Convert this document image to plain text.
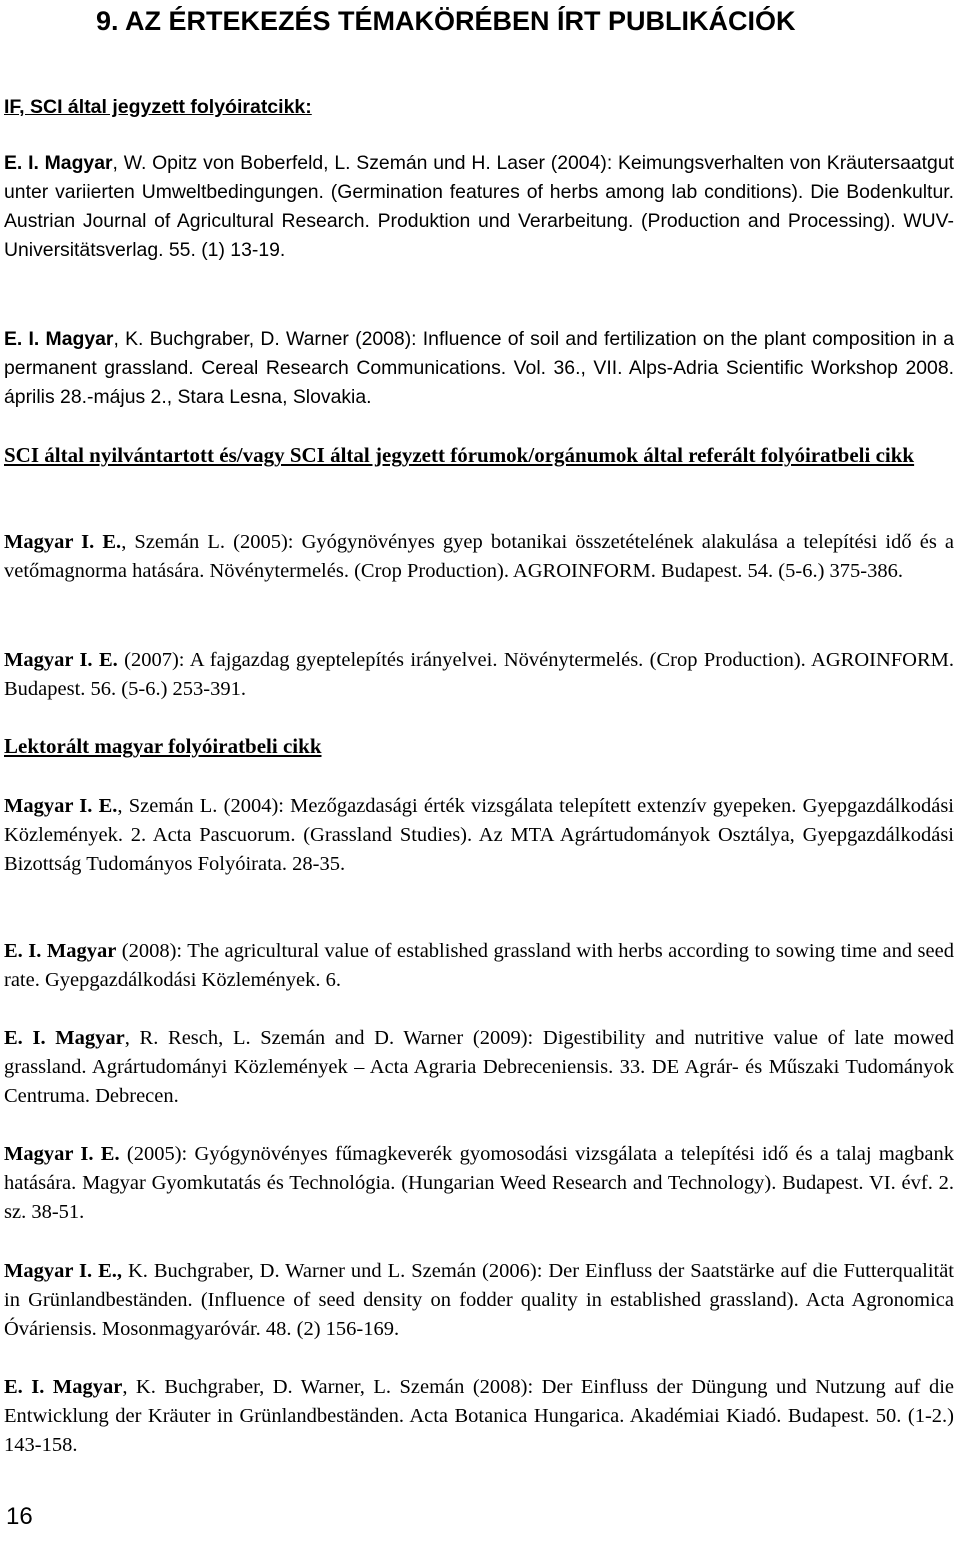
9. AZ ÉRTEKEZÉS TÉMAKÖRÉBEN ÍRT PUBLIKÁCIÓK
IF, SCI által jegyzett folyóiratcikk:

E. I. Magyar, W. Opitz von Boberfeld, L. Szemán und H. Laser (2004): Keimungsverhalten von Kräutersaatgut unter variierten Umweltbedingungen. (Germination features of herbs among lab conditions). Die Bodenkultur. Austrian Journal of Agricultural Research. Produktion und Verarbeitung. (Production and Processing). WUV-Universitätsverlag. 55. (1) 13-19.

E. I. Magyar, K. Buchgraber, D. Warner (2008): Influence of soil and fertilization on the plant composition in a permanent grassland. Cereal Research Communications. Vol. 36., VII. Alps-Adria Scientific Workshop 2008. április 28.-május 2., Stara Lesna, Slovakia.

SCI által nyilvántartott és/vagy SCI által jegyzett fórumok/orgánumok által referált folyóiratbeli cikk

Magyar I. E., Szemán L. (2005): Gyógynövényes gyep botanikai összetételének alakulása a telepítési idő és a vetőmagnorma hatására. Növénytermelés. (Crop Production). AGROINFORM. Budapest. 54. (5-6.) 375-386.

Magyar I. E. (2007): A fajgazdag gyeptelepítés irányelvei. Növénytermelés. (Crop Production). AGROINFORM. Budapest. 56. (5-6.) 253-391.

Lektorált magyar folyóiratbeli cikk

Magyar I. E., Szemán L. (2004): Mezőgazdasági érték vizsgálata telepített extenzív gyepeken. Gyepgazdálkodási Közlemények. 2. Acta Pascuorum. (Grassland Studies). Az MTA Agrártudományok Osztálya, Gyepgazdálkodási Bizottság Tudományos Folyóirata. 28-35.

E. I. Magyar (2008): The agricultural value of established grassland with herbs according to sowing time and seed rate. Gyepgazdálkodási Közlemények. 6.

E. I. Magyar, R. Resch, L. Szemán and D. Warner (2009): Digestibility and nutritive value of late mowed grassland. Agrártudományi Közlemények – Acta Agraria Debreceniensis. 33. DE Agrár- és Műszaki Tudományok Centruma. Debrecen.

Magyar I. E. (2005): Gyógynövényes fűmagkeverék gyomosodási vizsgálata a telepítési idő és a talaj magbank hatására. Magyar Gyomkutatás és Technológia. (Hungarian Weed Research and Technology). Budapest. VI. évf. 2. sz. 38-51.

Magyar I. E., K. Buchgraber, D. Warner und L. Szemán (2006): Der Einfluss der Saatstärke auf die Futterqualität in Grünlandbeständen. (Influence of seed density on fodder quality in established grassland). Acta Agronomica Óváriensis. Mosonmagyaróvár. 48. (2) 156-169.

E. I. Magyar, K. Buchgraber, D. Warner, L. Szemán (2008): Der Einfluss der Düngung und Nutzung auf die Entwicklung der Kräuter in Grünlandbeständen. Acta Botanica Hungarica. Akadémiai Kiadó. Budapest. 50. (1-2.) 143-158.

16
